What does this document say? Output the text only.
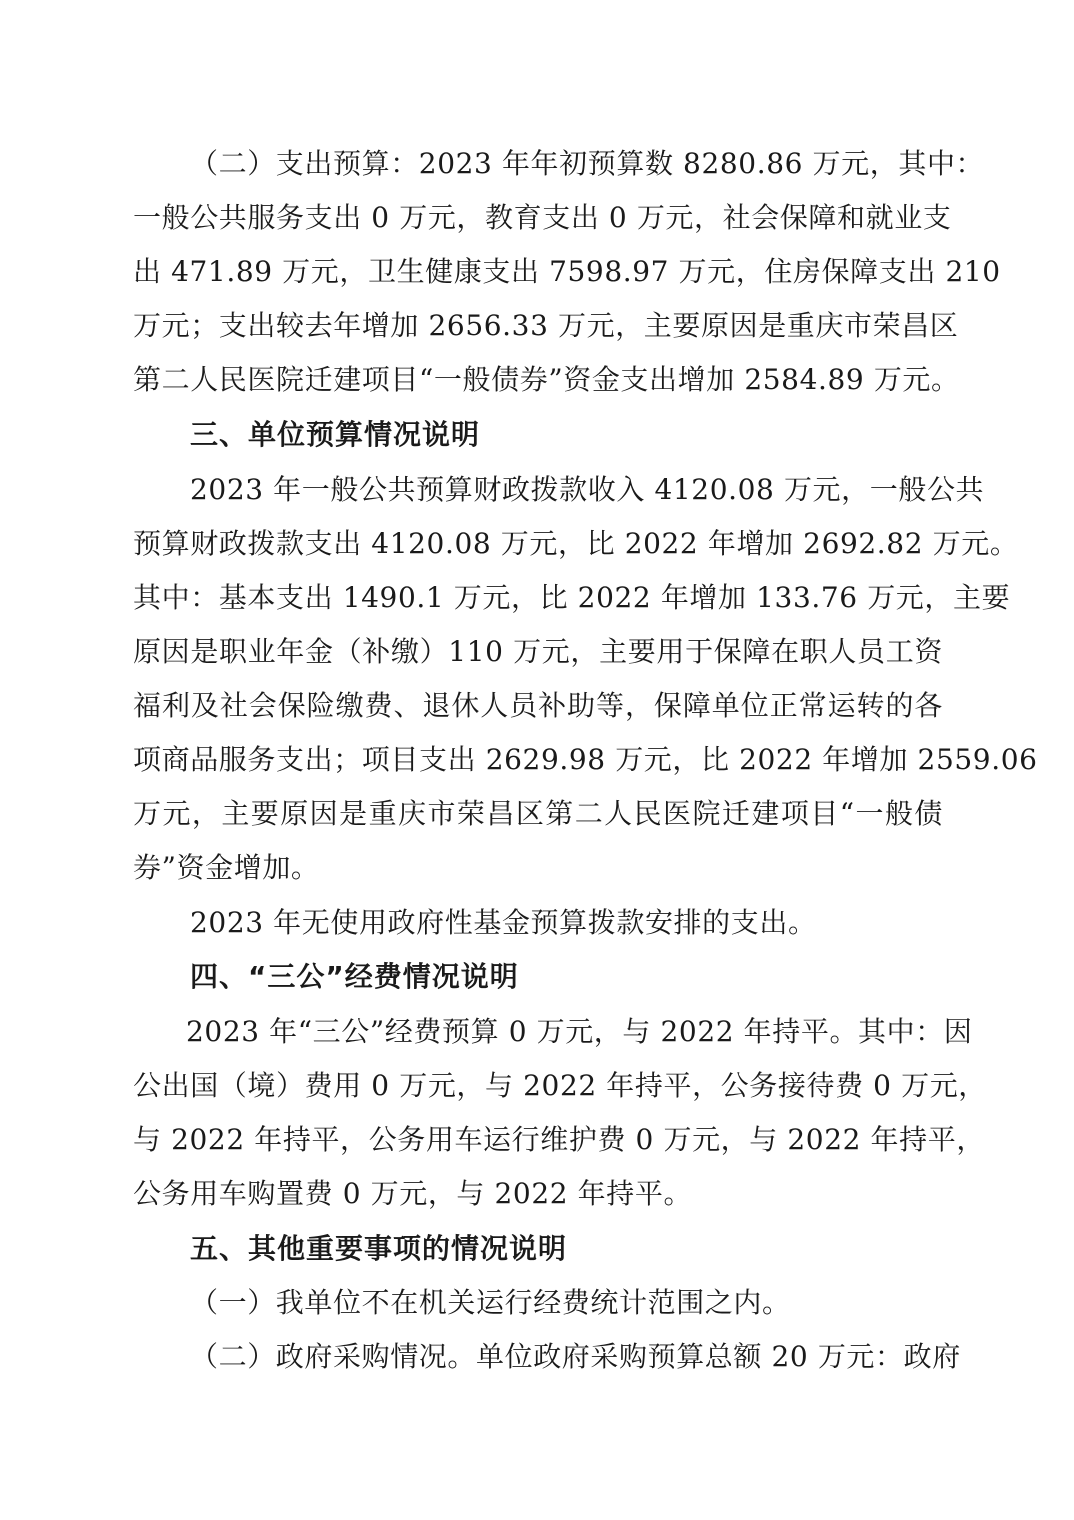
（二）支出预算：2023 年年初预算数 8280.86 万元，其中：
一般公共服务支出 0 万元，教育支出 0 万元，社会保障和就业支
出 471.89 万元，卫生健康支出 7598.97 万元，住房保障支出 210
万元；支出较去年增加 2656.33 万元，主要原因是重庆市荣昌区
第二人民医院迁建项目“一般债券”资金支出增加 2584.89 万元。
三、单位预算情况说明
2023 年一般公共预算财政拨款收入 4120.08 万元，一般公共
预算财政拨款支出 4120.08 万元，比 2022 年增加 2692.82 万元。
其中：基本支出 1490.1 万元，比 2022 年增加 133.76 万元，主要
原因是职业年金（补缴）110 万元，主要用于保障在职人员工资
福利及社会保险缴费、退休人员补助等，保障单位正常运转的各
项商品服务支出；项目支出 2629.98 万元，比 2022 年增加 2559.06
万元，主要原因是重庆市荣昌区第二人民医院迁建项目“一般债
券”资金增加。
2023 年无使用政府性基金预算拨款安排的支出。
四、“三公”经费情况说明
2023 年“三公”经费预算 0 万元，与 2022 年持平。其中：因
公出国（境）费用 0 万元，与 2022 年持平，公务接待费 0 万元，
与 2022 年持平，公务用车运行维护费 0 万元，与 2022 年持平，
公务用车购置费 0 万元，与 2022 年持平。
五、其他重要事项的情况说明
（一）我单位不在机关运行经费统计范围之内。
（二）政府采购情况。单位政府采购预算总额 20 万元：政府
